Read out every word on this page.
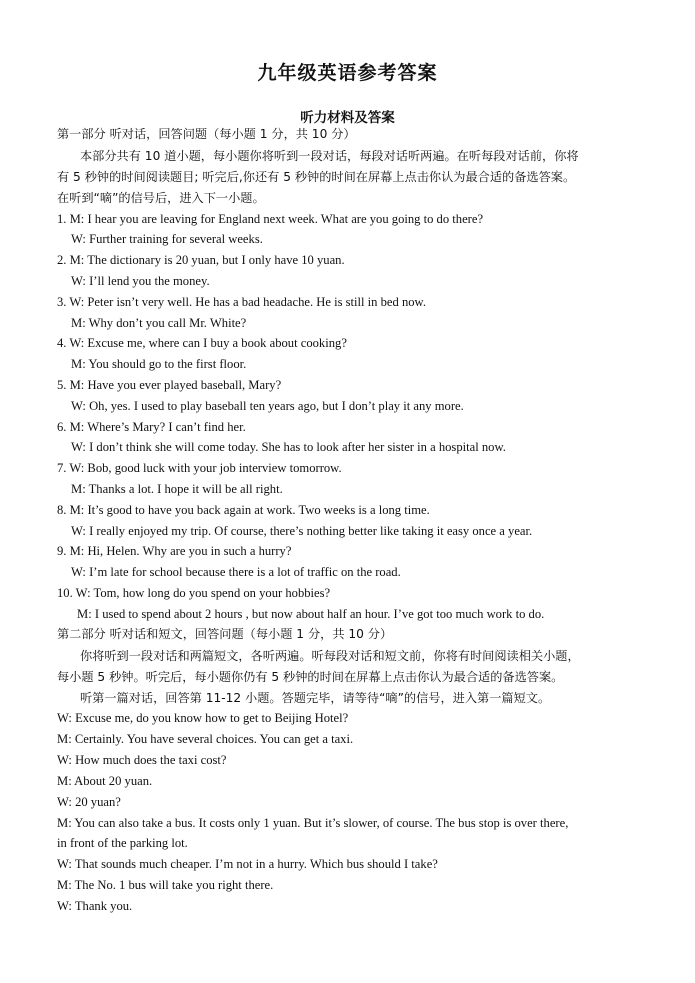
九年级英语参考答案
听力材料及答案
第一部分 听对话，回答问题（每小题 1 分，共 10 分）
本部分共有 10 道小题，每小题你将听到一段对话，每段对话听两遍。在听每段对话前，你将
有 5 秒钟的时间阅读题目; 听完后,你还有 5 秒钟的时间在屏幕上点击你认为最合适的备选答案。
在听到“嘀”的信号后，进入下一小题。
1. M: I hear you are leaving for England next week. What are you going to do there?
W: Further training for several weeks.
2. M: The dictionary is 20 yuan, but I only have 10 yuan.
W: I’ll lend you the money.
3. W: Peter isn’t very well. He has a bad headache. He is still in bed now.
M: Why don’t you call Mr. White?
4. W: Excuse me, where can I buy a book about cooking?
M: You should go to the first floor.
5. M: Have you ever played baseball, Mary?
W: Oh, yes. I used to play baseball ten years ago, but I don’t play it any more.
6. M: Where’s Mary? I can’t find her.
W: I don’t think she will come today. She has to look after her sister in a hospital now.
7. W: Bob, good luck with your job interview tomorrow.
M: Thanks a lot. I hope it will be all right.
8. M: It’s good to have you back again at work. Two weeks is a long time.
W: I really enjoyed my trip. Of course, there’s nothing better like taking it easy once a year.
9. M: Hi, Helen. Why are you in such a hurry?
W: I’m late for school because there is a lot of traffic on the road.
10. W: Tom, how long do you spend on your hobbies?
M: I used to spend about 2 hours , but now about half an hour. I’ve got too much work to do.
第二部分 听对话和短文，回答问题（每小题 1 分，共 10 分）
你将听到一段对话和两篇短文，各听两遍。听每段对话和短文前，你将有时间阅读相关小题，
每小题 5 秒钟。听完后，每小题你仍有 5 秒钟的时间在屏幕上点击你认为最合适的备选答案。
听第一篇对话，回答第 11-12 小题。答题完毕，请等待“嘀”的信号，进入第一篇短文。
W: Excuse me, do you know how to get to Beijing Hotel?
M: Certainly. You have several choices. You can get a taxi.
W: How much does the taxi cost?
M: About 20 yuan.
W: 20 yuan?
M: You can also take a bus. It costs only 1 yuan. But it’s slower, of course. The bus stop is over there,
in front of the parking lot.
W: That sounds much cheaper. I’m not in a hurry. Which bus should I take?
M: The No. 1 bus will take you right there.
W: Thank you.
